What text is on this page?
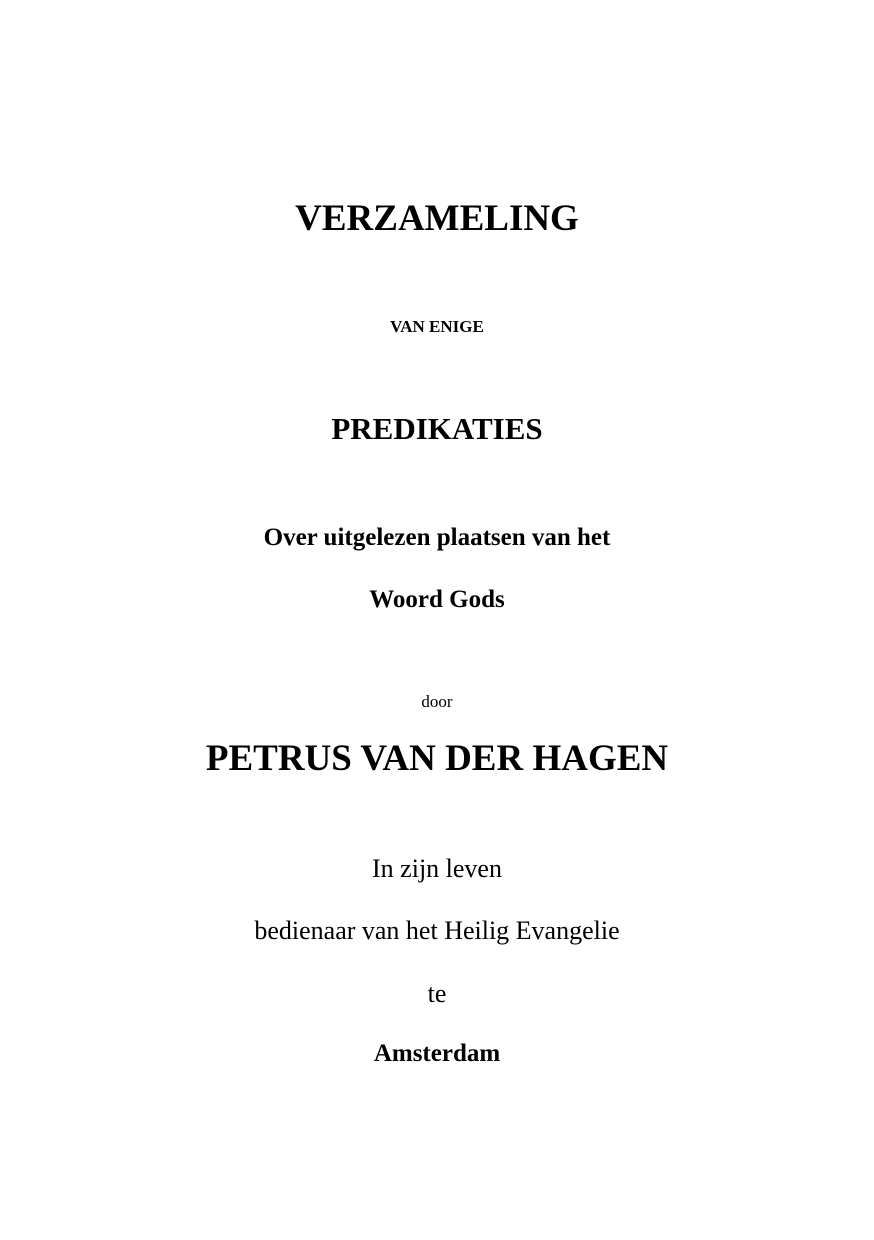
VERZAMELING
VAN ENIGE
PREDIKATIES
Over uitgelezen plaatsen van het
Woord Gods
door
PETRUS VAN DER HAGEN
In zijn leven
bedienaar van het Heilig Evangelie
te
Amsterdam
